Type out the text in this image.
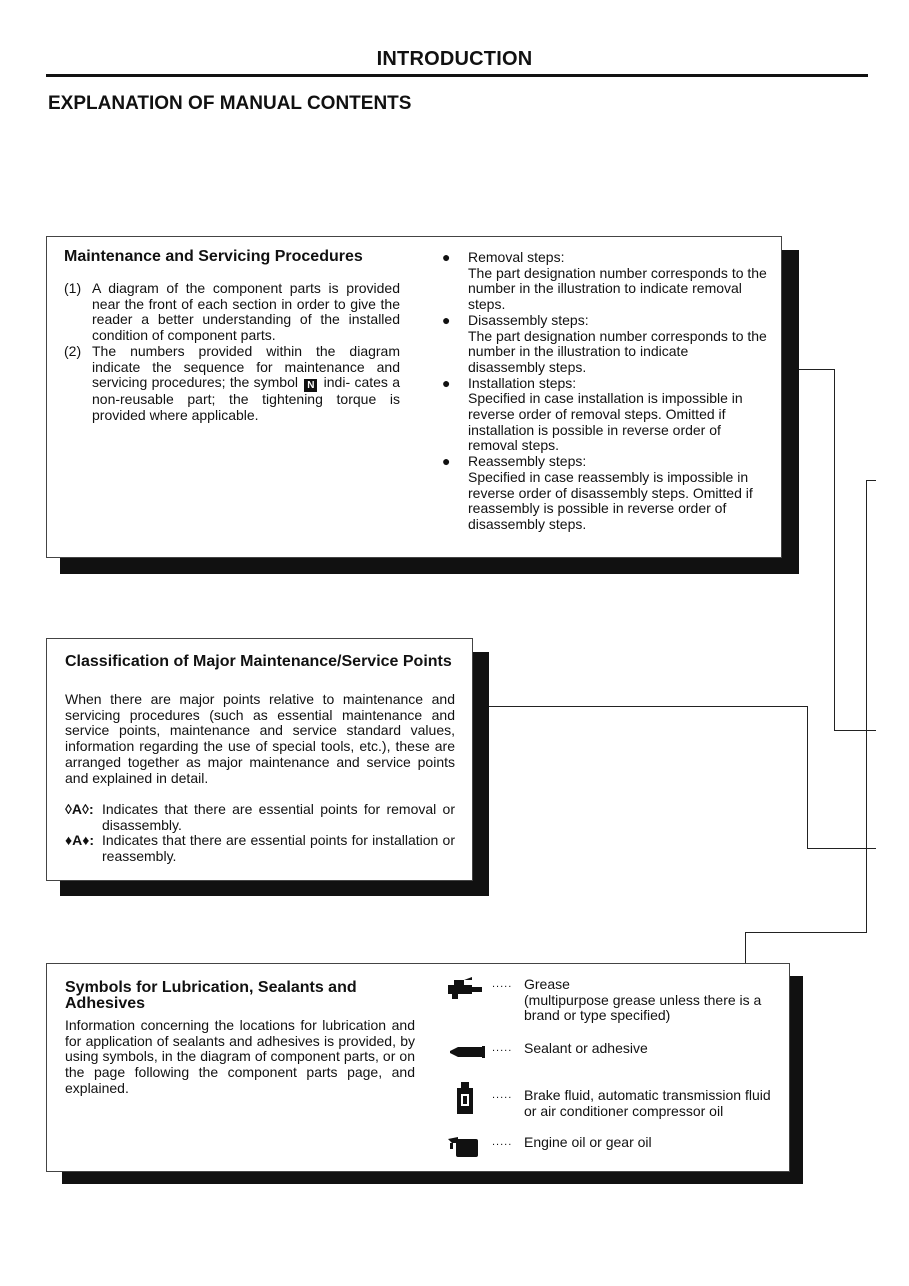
INTRODUCTION
EXPLANATION OF MANUAL CONTENTS
Maintenance and Servicing Procedures
(1) A diagram of the component parts is provided near the front of each section in order to give the reader a better understanding of the installed condition of component parts.
(2) The numbers provided within the diagram indicate the sequence for maintenance and servicing procedures; the symbol N indi- cates a non-reusable part; the tightening torque is provided where applicable.
● Removal steps:
The part designation number corresponds to the number in the illustration to indicate removal steps.
● Disassembly steps:
The part designation number corresponds to the number in the illustration to indicate disassembly steps.
● Installation steps:
Specified in case installation is impossible in reverse order of removal steps. Omitted if installation is possible in reverse order of removal steps.
● Reassembly steps:
Specified in case reassembly is impossible in reverse order of disassembly steps. Omitted if reassembly is possible in reverse order of disassembly steps.
Classification of Major Maintenance/Service Points
When there are major points relative to maintenance and servicing procedures (such as essential maintenance and service points, maintenance and service standard values, information regarding the use of special tools, etc.), these are arranged together as major maintenance and service points and explained in detail.
◊A◊: Indicates that there are essential points for removal or disassembly.
♦A♦: Indicates that there are essential points for installation or reassembly.
Symbols for Lubrication, Sealants and Adhesives
Information concerning the locations for lubrication and for application of sealants and adhesives is provided, by using symbols, in the diagram of component parts, or on the page following the component parts page, and explained.
..... Grease
(multipurpose grease unless there is a brand or type specified)
..... Sealant or adhesive
..... Brake fluid, automatic transmission fluid or air conditioner compressor oil
..... Engine oil or gear oil
